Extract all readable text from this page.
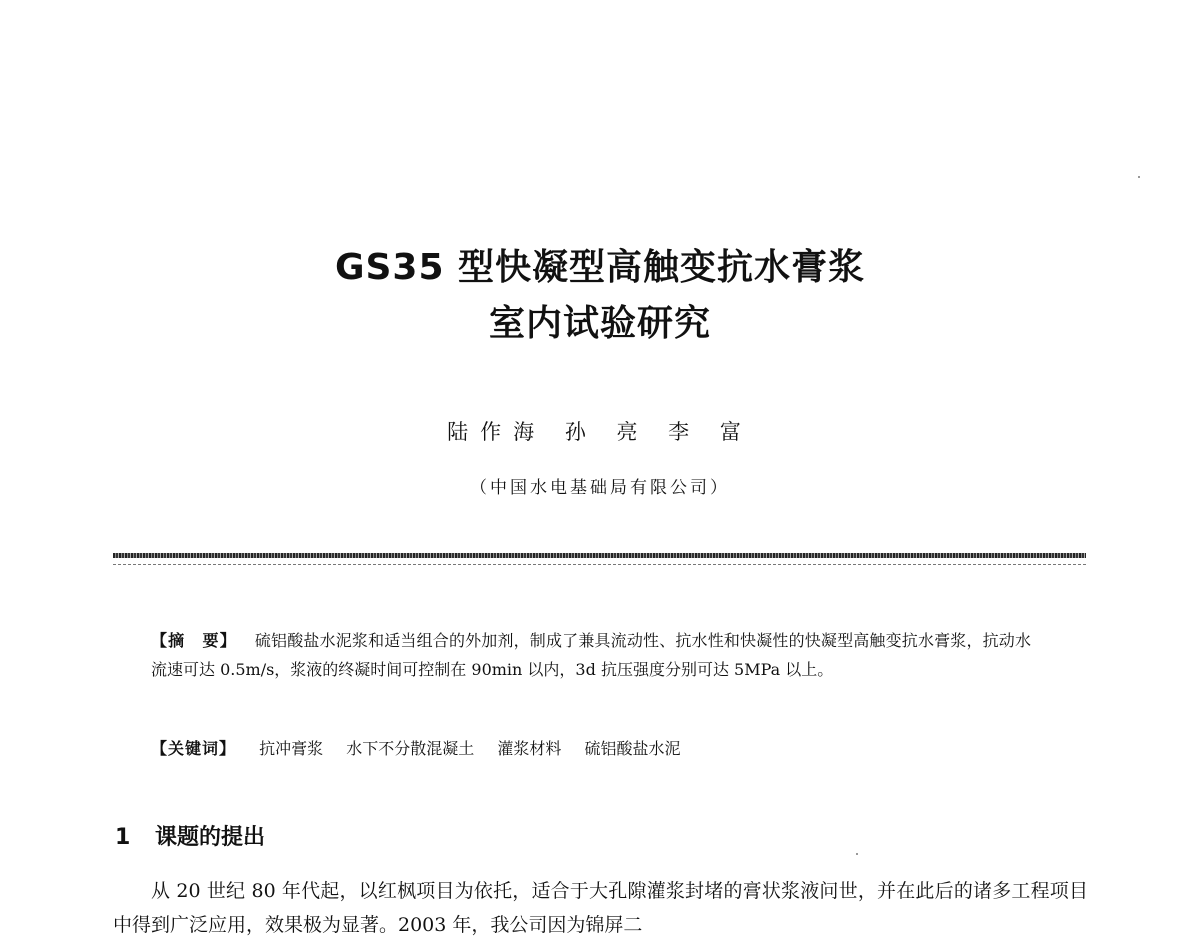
GS35 型快凝型高触变抗水膏浆
室内试验研究
陆作海 孙 亮 李 富
（中国水电基础局有限公司）

【摘　要】 硫铝酸盐水泥浆和适当组合的外加剂，制成了兼具流动性、抗水性和快凝性的快凝型高触变抗水膏浆，抗动水流速可达 0.5m/s，浆液的终凝时间可控制在 90min 以内，3d 抗压强度分别可达 5MPa 以上。

【关键词】 抗冲膏浆 水下不分散混凝土 灌浆材料 硫铝酸盐水泥
1 课题的提出

从 20 世纪 80 年代起，以红枫项目为依托，适合于大孔隙灌浆封堵的膏状浆液问世，并在此后的诸多工程项目中得到广泛应用，效果极为显著。2003 年，我公司因为锦屏二
